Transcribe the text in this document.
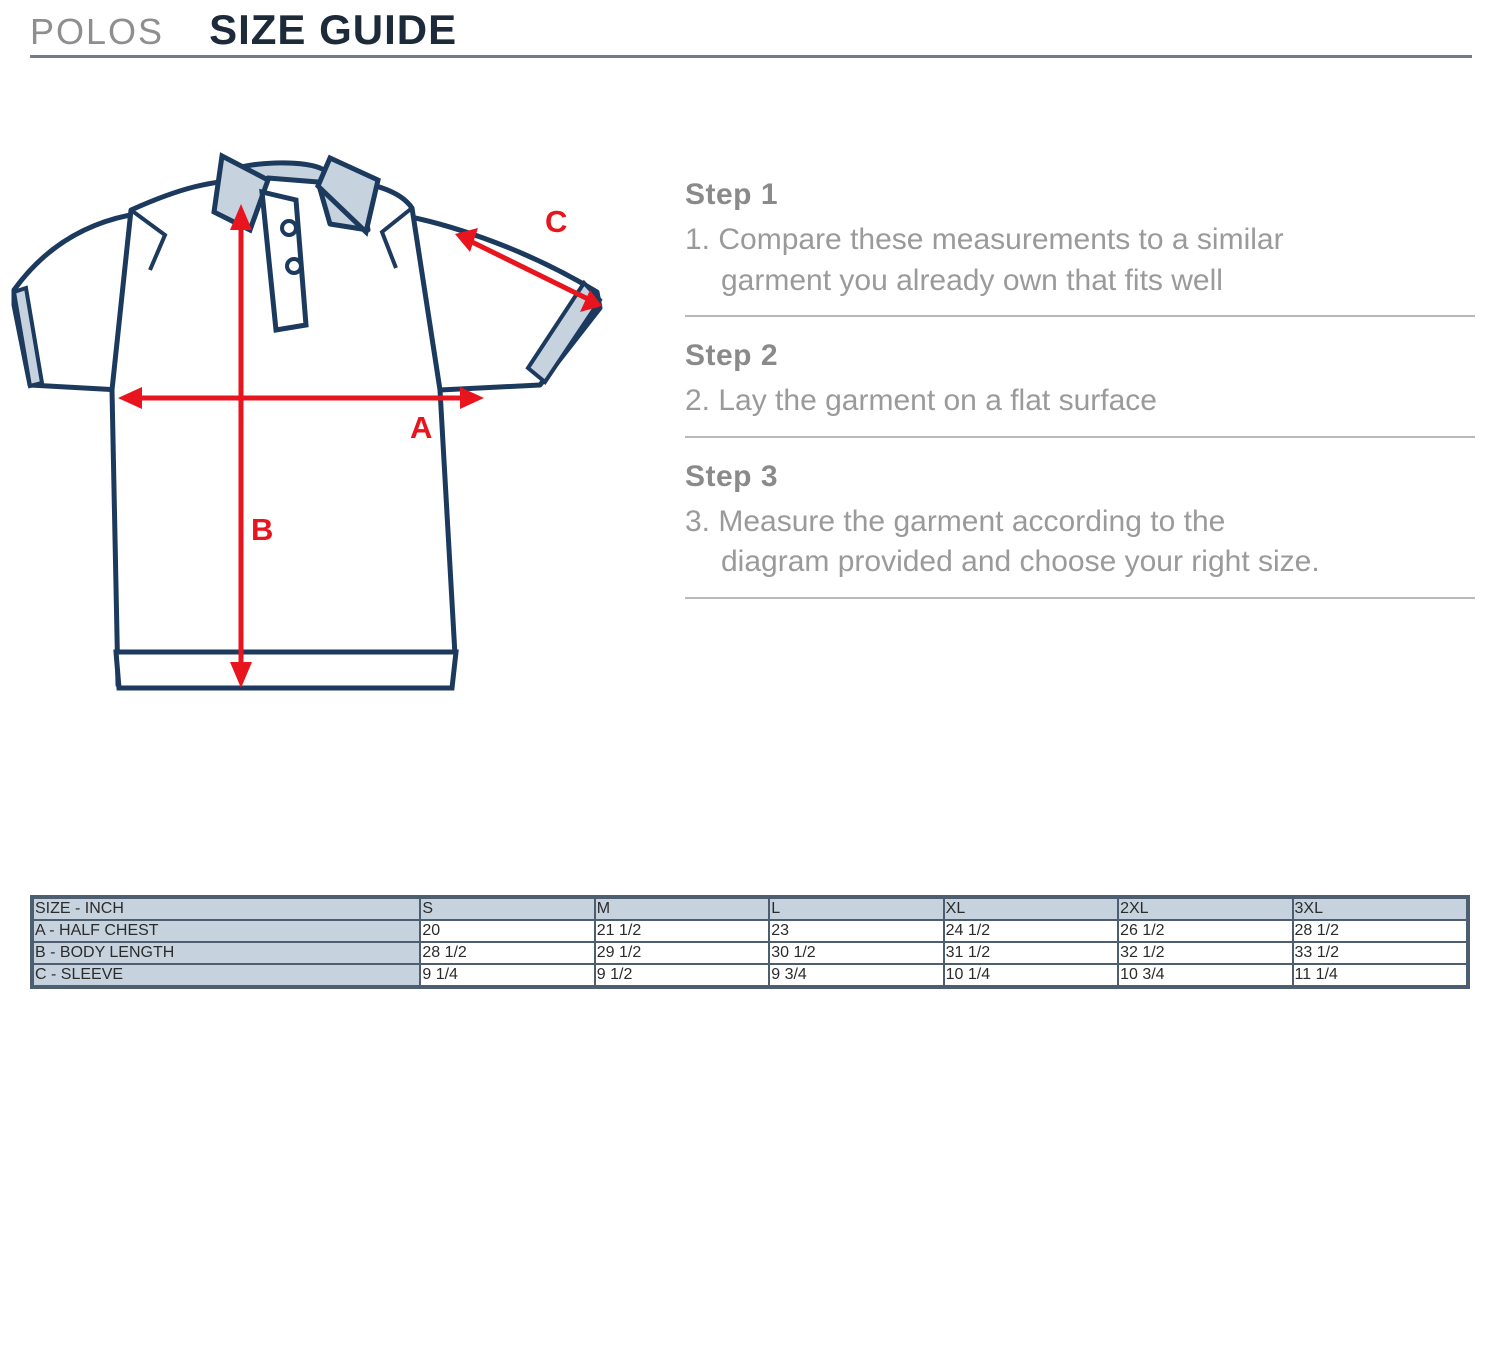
POLOS SIZE GUIDE
A
B
C
Step 1
1. Compare these measurements to a similar
garment you already own that fits well
Step 2
2. Lay the garment on a flat surface
Step 3
3. Measure the garment according to the
diagram provided and choose your right size.
SIZE - INCH	S	M	L	XL	2XL	3XL
A - HALF CHEST	20	21 1/2	23	24 1/2	26 1/2	28 1/2
B - BODY LENGTH	28 1/2	29 1/2	30 1/2	31 1/2	32 1/2	33 1/2
C - SLEEVE	9 1/4	9 1/2	9 3/4	10 1/4	10 3/4	11 1/4
